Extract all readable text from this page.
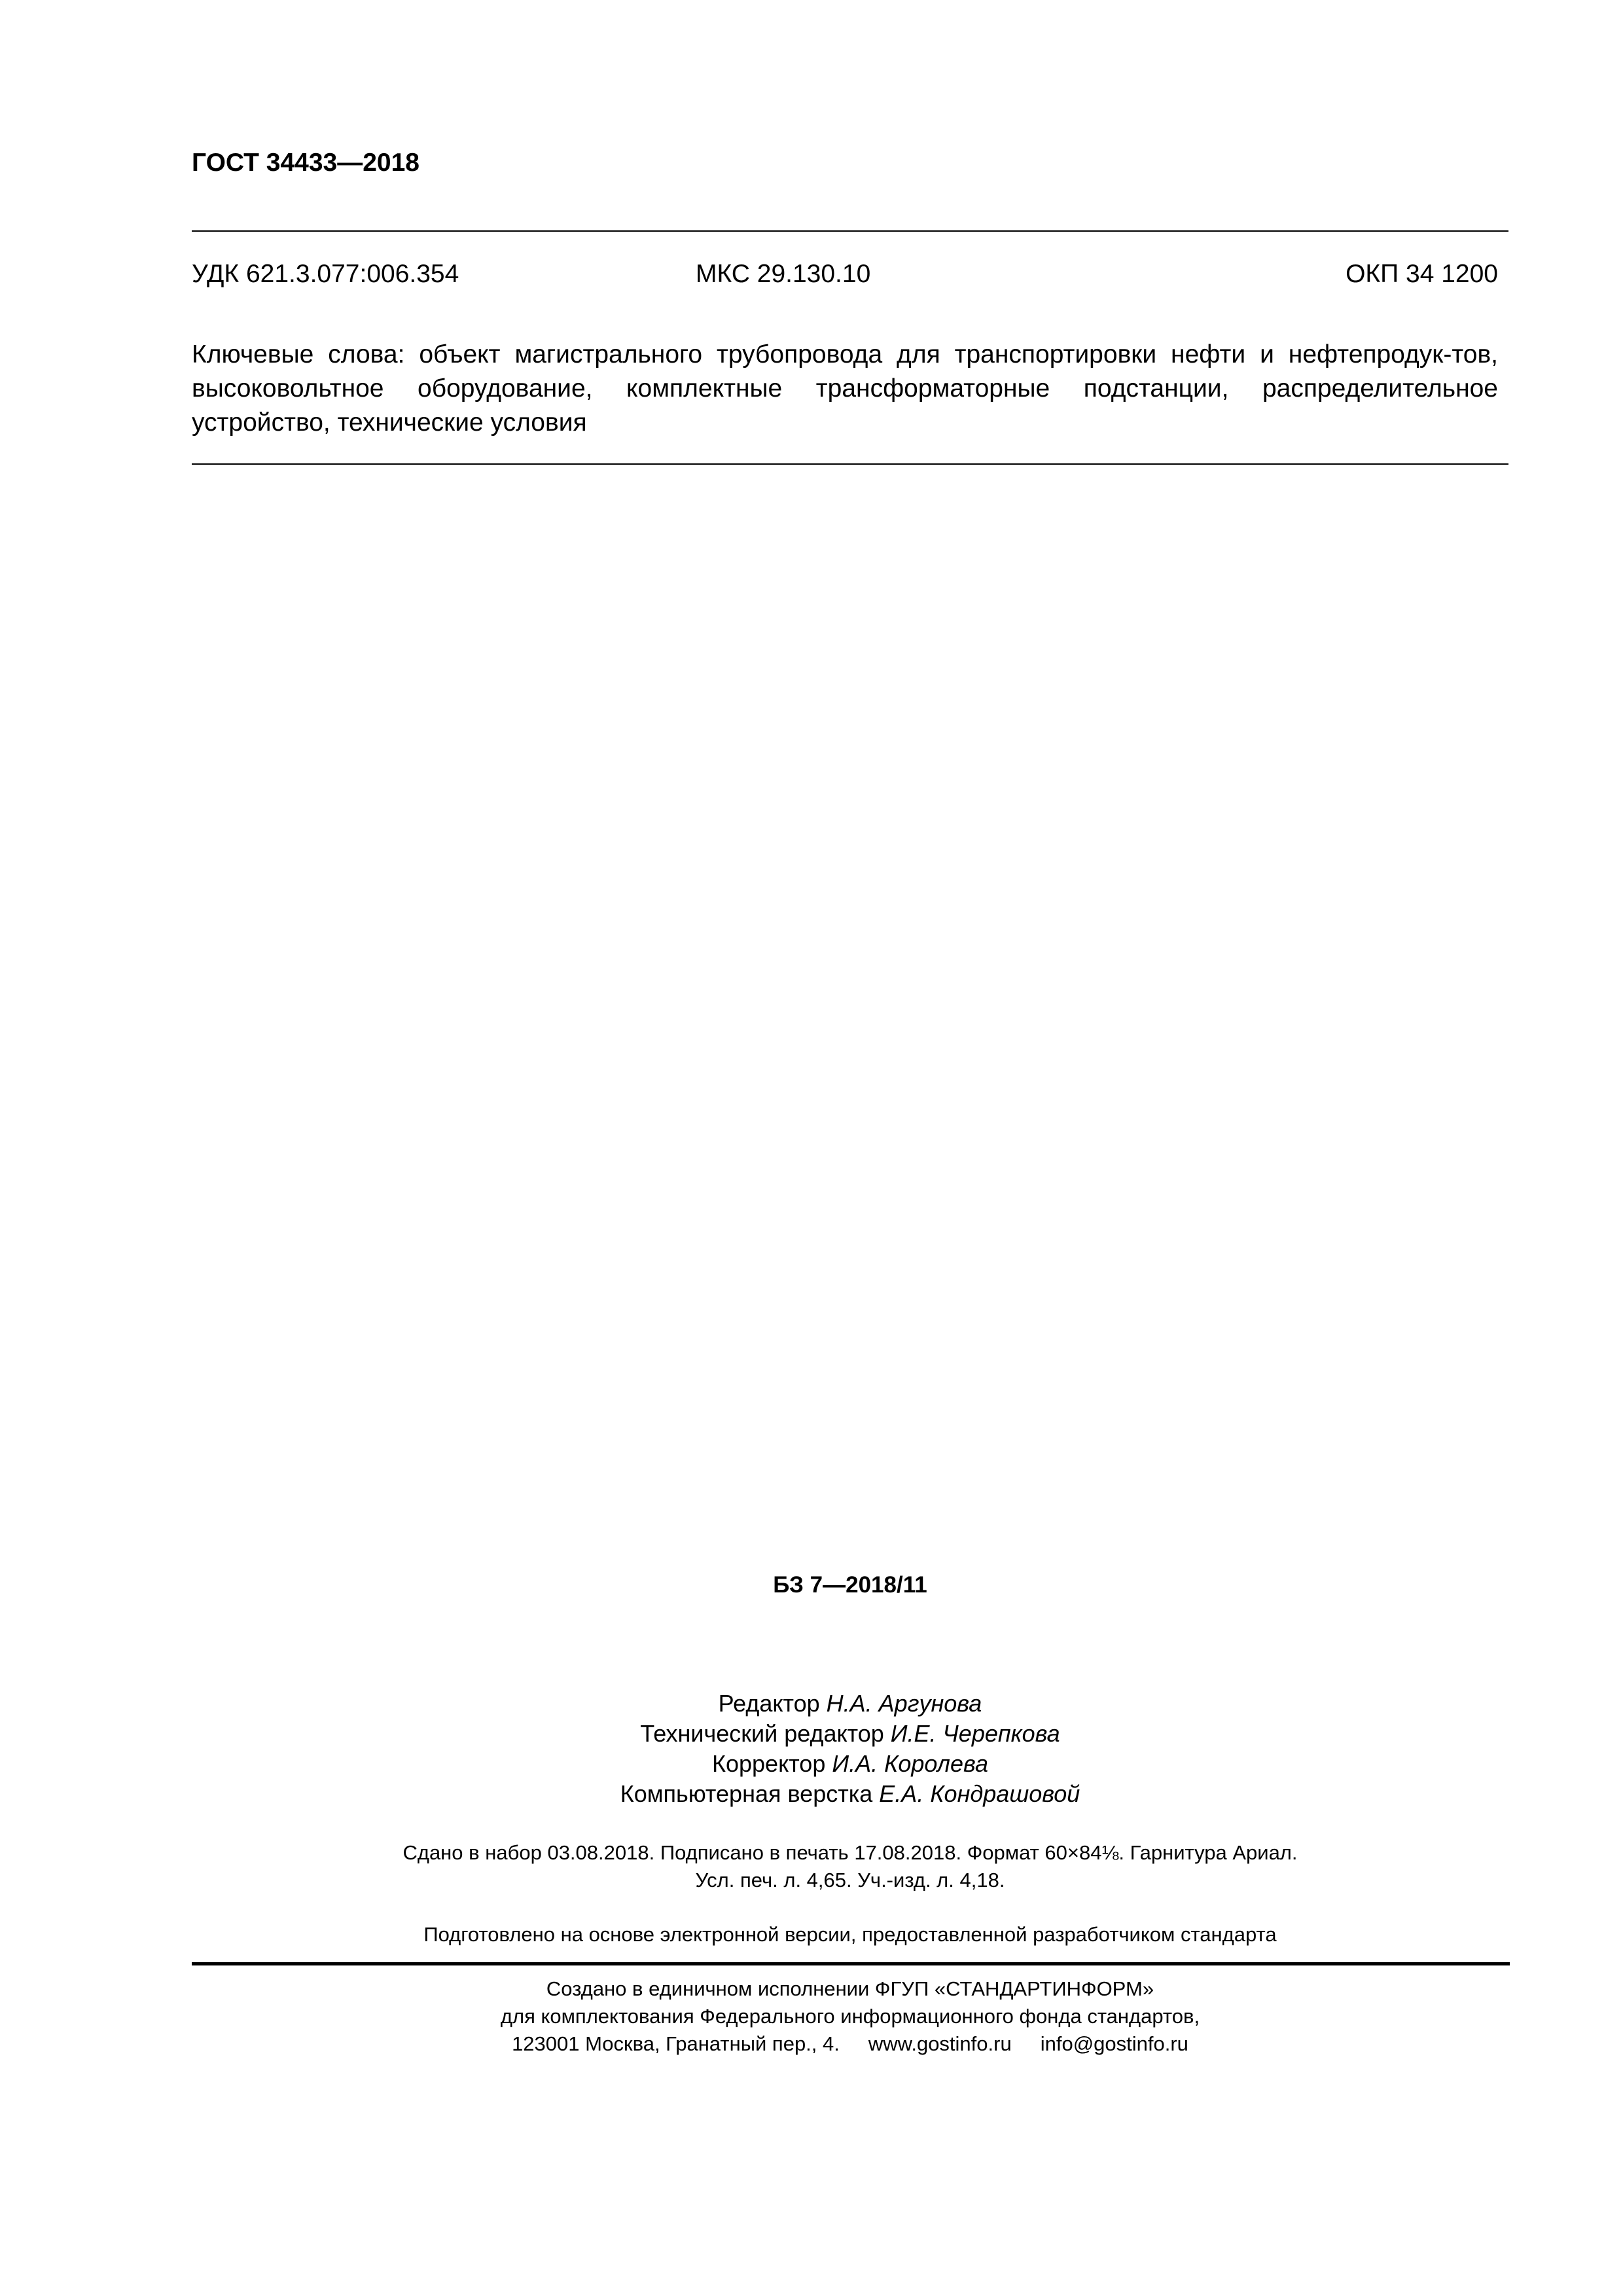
ГОСТ 34433—2018
УДК 621.3.077:006.354	МКС 29.130.10	ОКП 34 1200
Ключевые слова: объект магистрального трубопровода для транспортировки нефти и нефтепродук-тов, высоковольтное оборудование, комплектные трансформаторные подстанции, распределительное устройство, технические условия
БЗ 7—2018/11
Редактор Н.А. Аргунова
Технический редактор И.Е. Черепкова
Корректор И.А. Королева
Компьютерная верстка Е.А. Кондрашовой
Сдано в набор 03.08.2018. Подписано в печать 17.08.2018. Формат 60×84⅛. Гарнитура Ариал.
Усл. печ. л. 4,65. Уч.-изд. л. 4,18.
Подготовлено на основе электронной версии, предоставленной разработчиком стандарта
Создано в единичном исполнении ФГУП «СТАНДАРТИНФОРМ»
для комплектования Федерального информационного фонда стандартов,
123001 Москва, Гранатный пер., 4. www.gostinfo.ru info@gostinfo.ru
